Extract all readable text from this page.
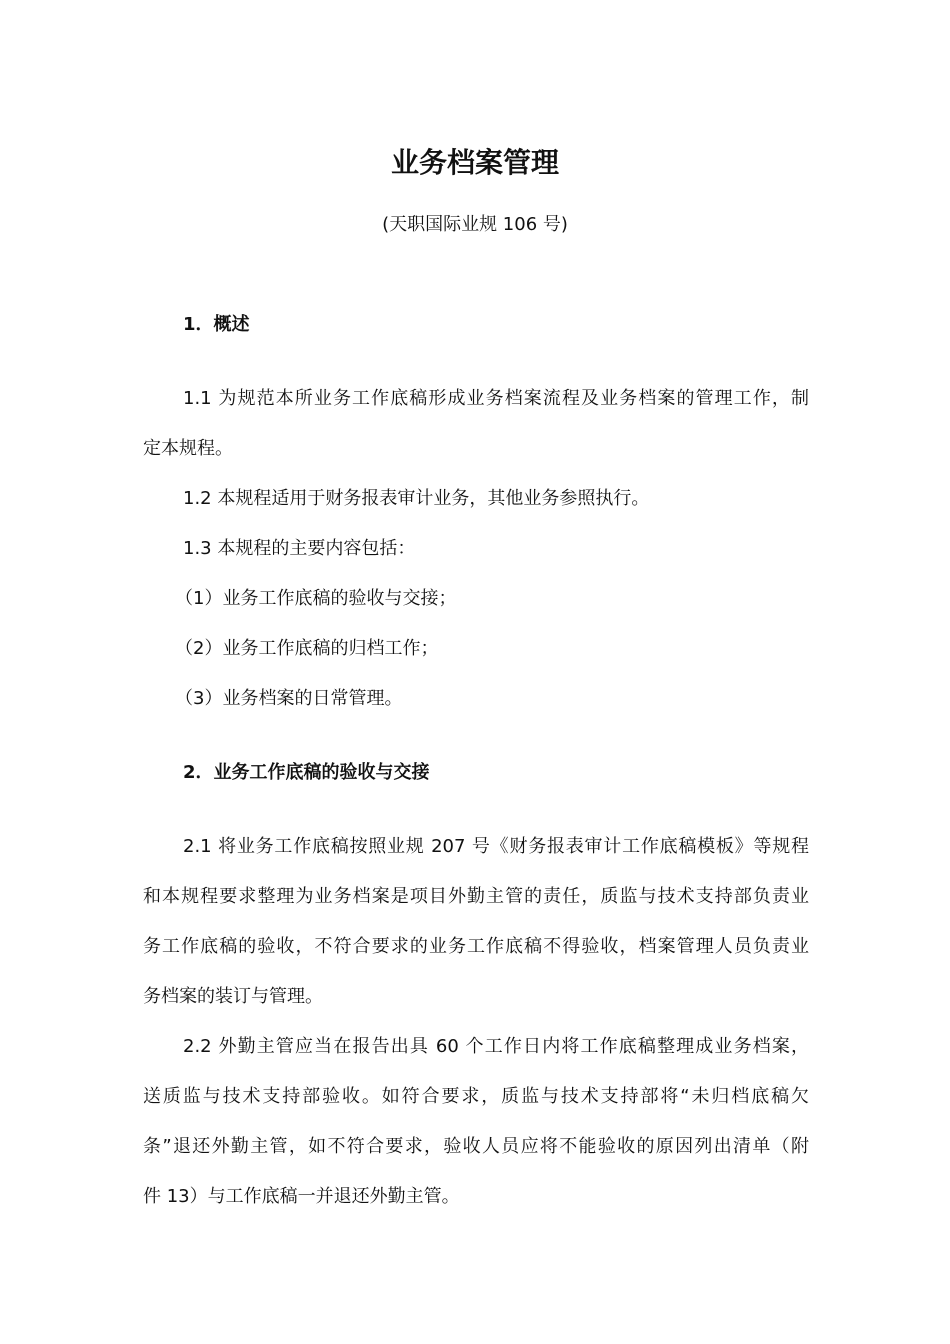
业务档案管理
(天职国际业规 106 号)
1．概述
1.1 为规范本所业务工作底稿形成业务档案流程及业务档案的管理工作，制
定本规程。
1.2 本规程适用于财务报表审计业务，其他业务参照执行。
1.3 本规程的主要内容包括：
（1）业务工作底稿的验收与交接；
（2）业务工作底稿的归档工作；
（3）业务档案的日常管理。
2．业务工作底稿的验收与交接
2.1 将业务工作底稿按照业规 207 号《财务报表审计工作底稿模板》等规程
和本规程要求整理为业务档案是项目外勤主管的责任，质监与技术支持部负责业
务工作底稿的验收，不符合要求的业务工作底稿不得验收，档案管理人员负责业
务档案的装订与管理。
2.2 外勤主管应当在报告出具 60 个工作日内将工作底稿整理成业务档案，
送质监与技术支持部验收。如符合要求，质监与技术支持部将“未归档底稿欠
条”退还外勤主管，如不符合要求，验收人员应将不能验收的原因列出清单（附
件 13）与工作底稿一并退还外勤主管。
